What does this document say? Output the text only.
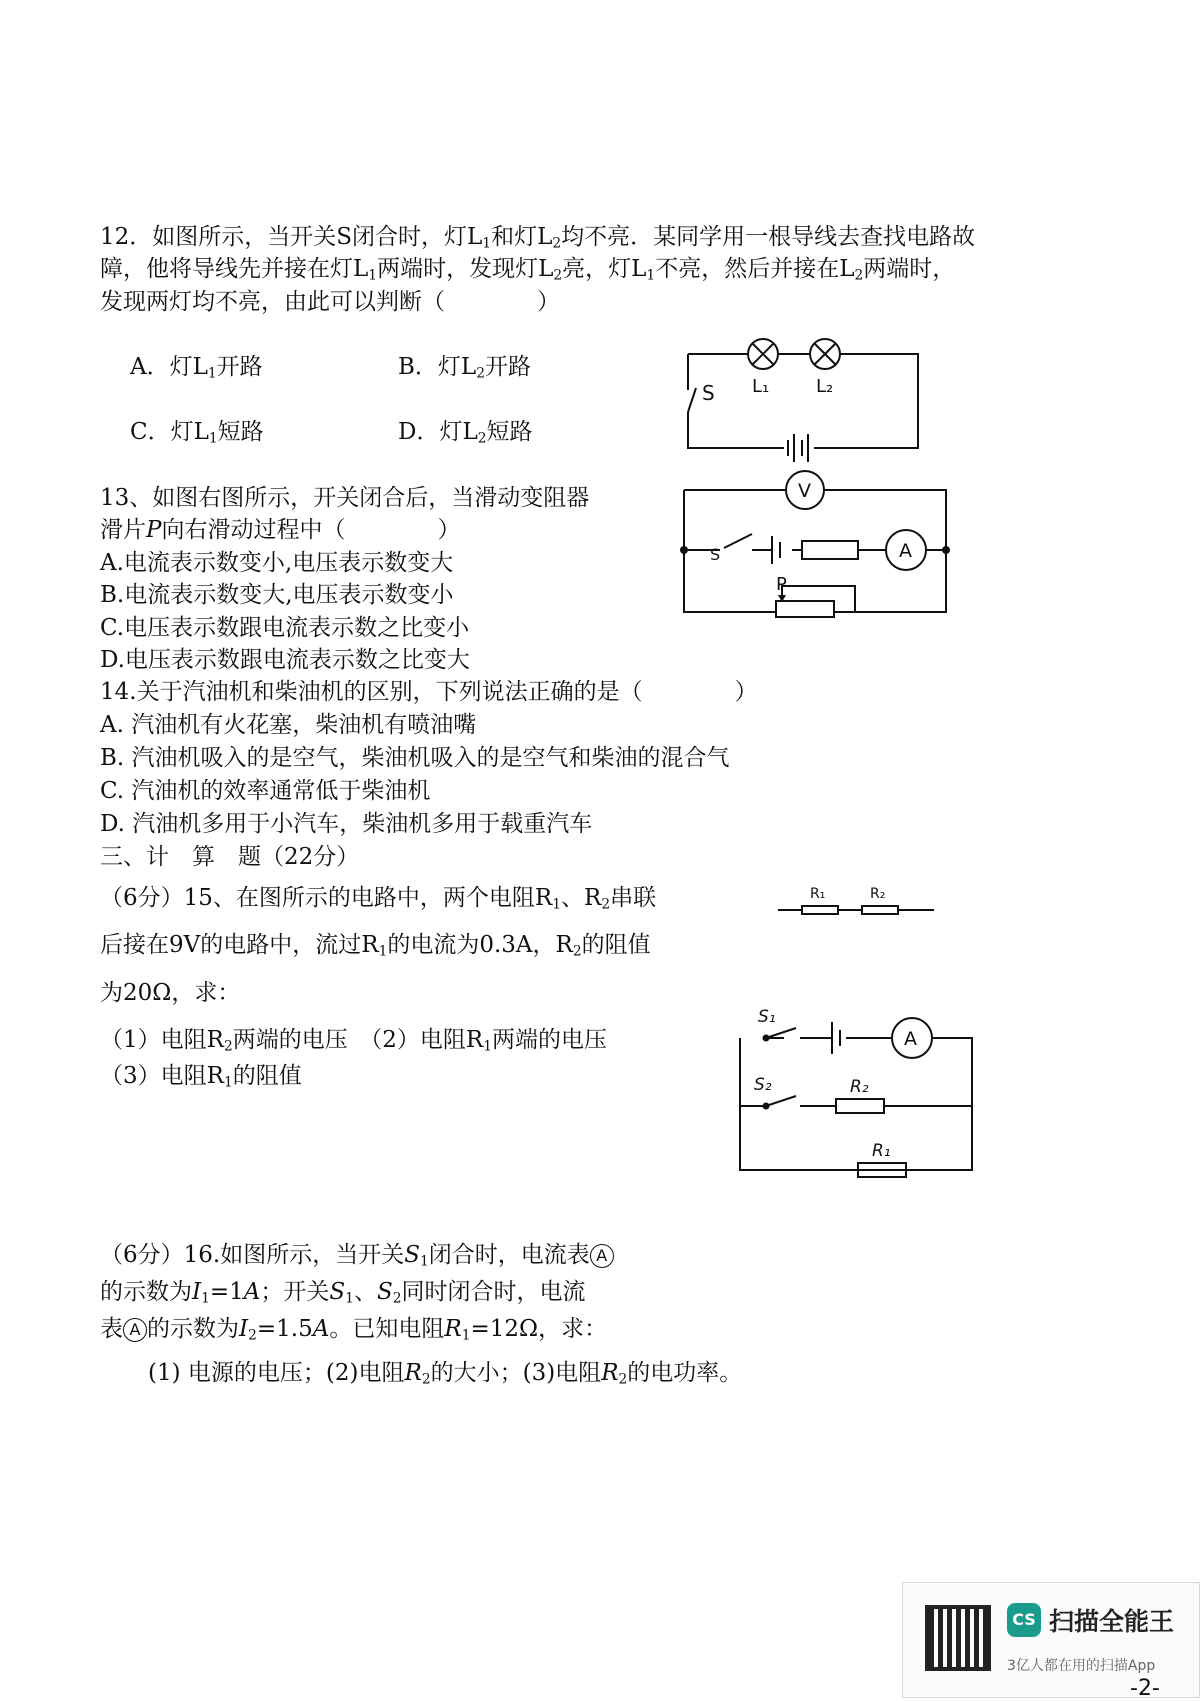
12．如图所示，当开关S闭合时，灯$L_1$和灯$L_2$均不亮．某同学用一根导线去查找电路故
障，他将导线先并接在灯$L_1$两端时，发现灯$L_2$亮，灯$L_1$不亮，然后并接在$L_2$两端时，
发现两灯均不亮，由此可以判断（　　　　）
A．灯$L_1$开路	B．灯$L_2$开路
C．灯$L_1$短路	D．灯$L_2$短路
S L₁	L₂
13、如图右图所示，开关闭合后，当滑动变阻器
滑片P向右滑动过程中（　　　　）
A.电流表示数变小,电压表示数变大
B.电流表示数变大,电压表示数变小
C.电压表示数跟电流表示数之比变小
D.电压表示数跟电流表示数之比变大
V
A
S
P
14.关于汽油机和柴油机的区别，下列说法正确的是（　　　　）
A. 汽油机有火花塞，柴油机有喷油嘴
B. 汽油机吸入的是空气，柴油机吸入的是空气和柴油的混合气
C. 汽油机的效率通常低于柴油机
D. 汽油机多用于小汽车，柴油机多用于载重汽车
三、计　算　题（22分）
（6分）15、在图所示的电路中，两个电阻$R_1$、$R_2$串联
后接在9V的电路中，流过$R_1$的电流为0.3A，$R_2$的阻值
为20Ω，求：
（1）电阻$R_2$两端的电压　（2）电阻$R_1$两端的电压
（3）电阻$R_1$的阻值
R₁	R₂
S₁
S₂
A
R₂
R₁
（6分）16.如图所示，当开关$S_1$闭合时，电流表 A
的示数为$I_1=1A$；开关$S_1$、$S_2$同时闭合时，电流
表 A 的示数为$I_2=1.5A$。已知电阻$R_1=12\Omega$，求：
(1) 电源的电压；(2)电阻$R_2$的大小；(3)电阻$R_2$的电功率。
CS 扫描全能王
3亿人都在用的扫描App
-2-
